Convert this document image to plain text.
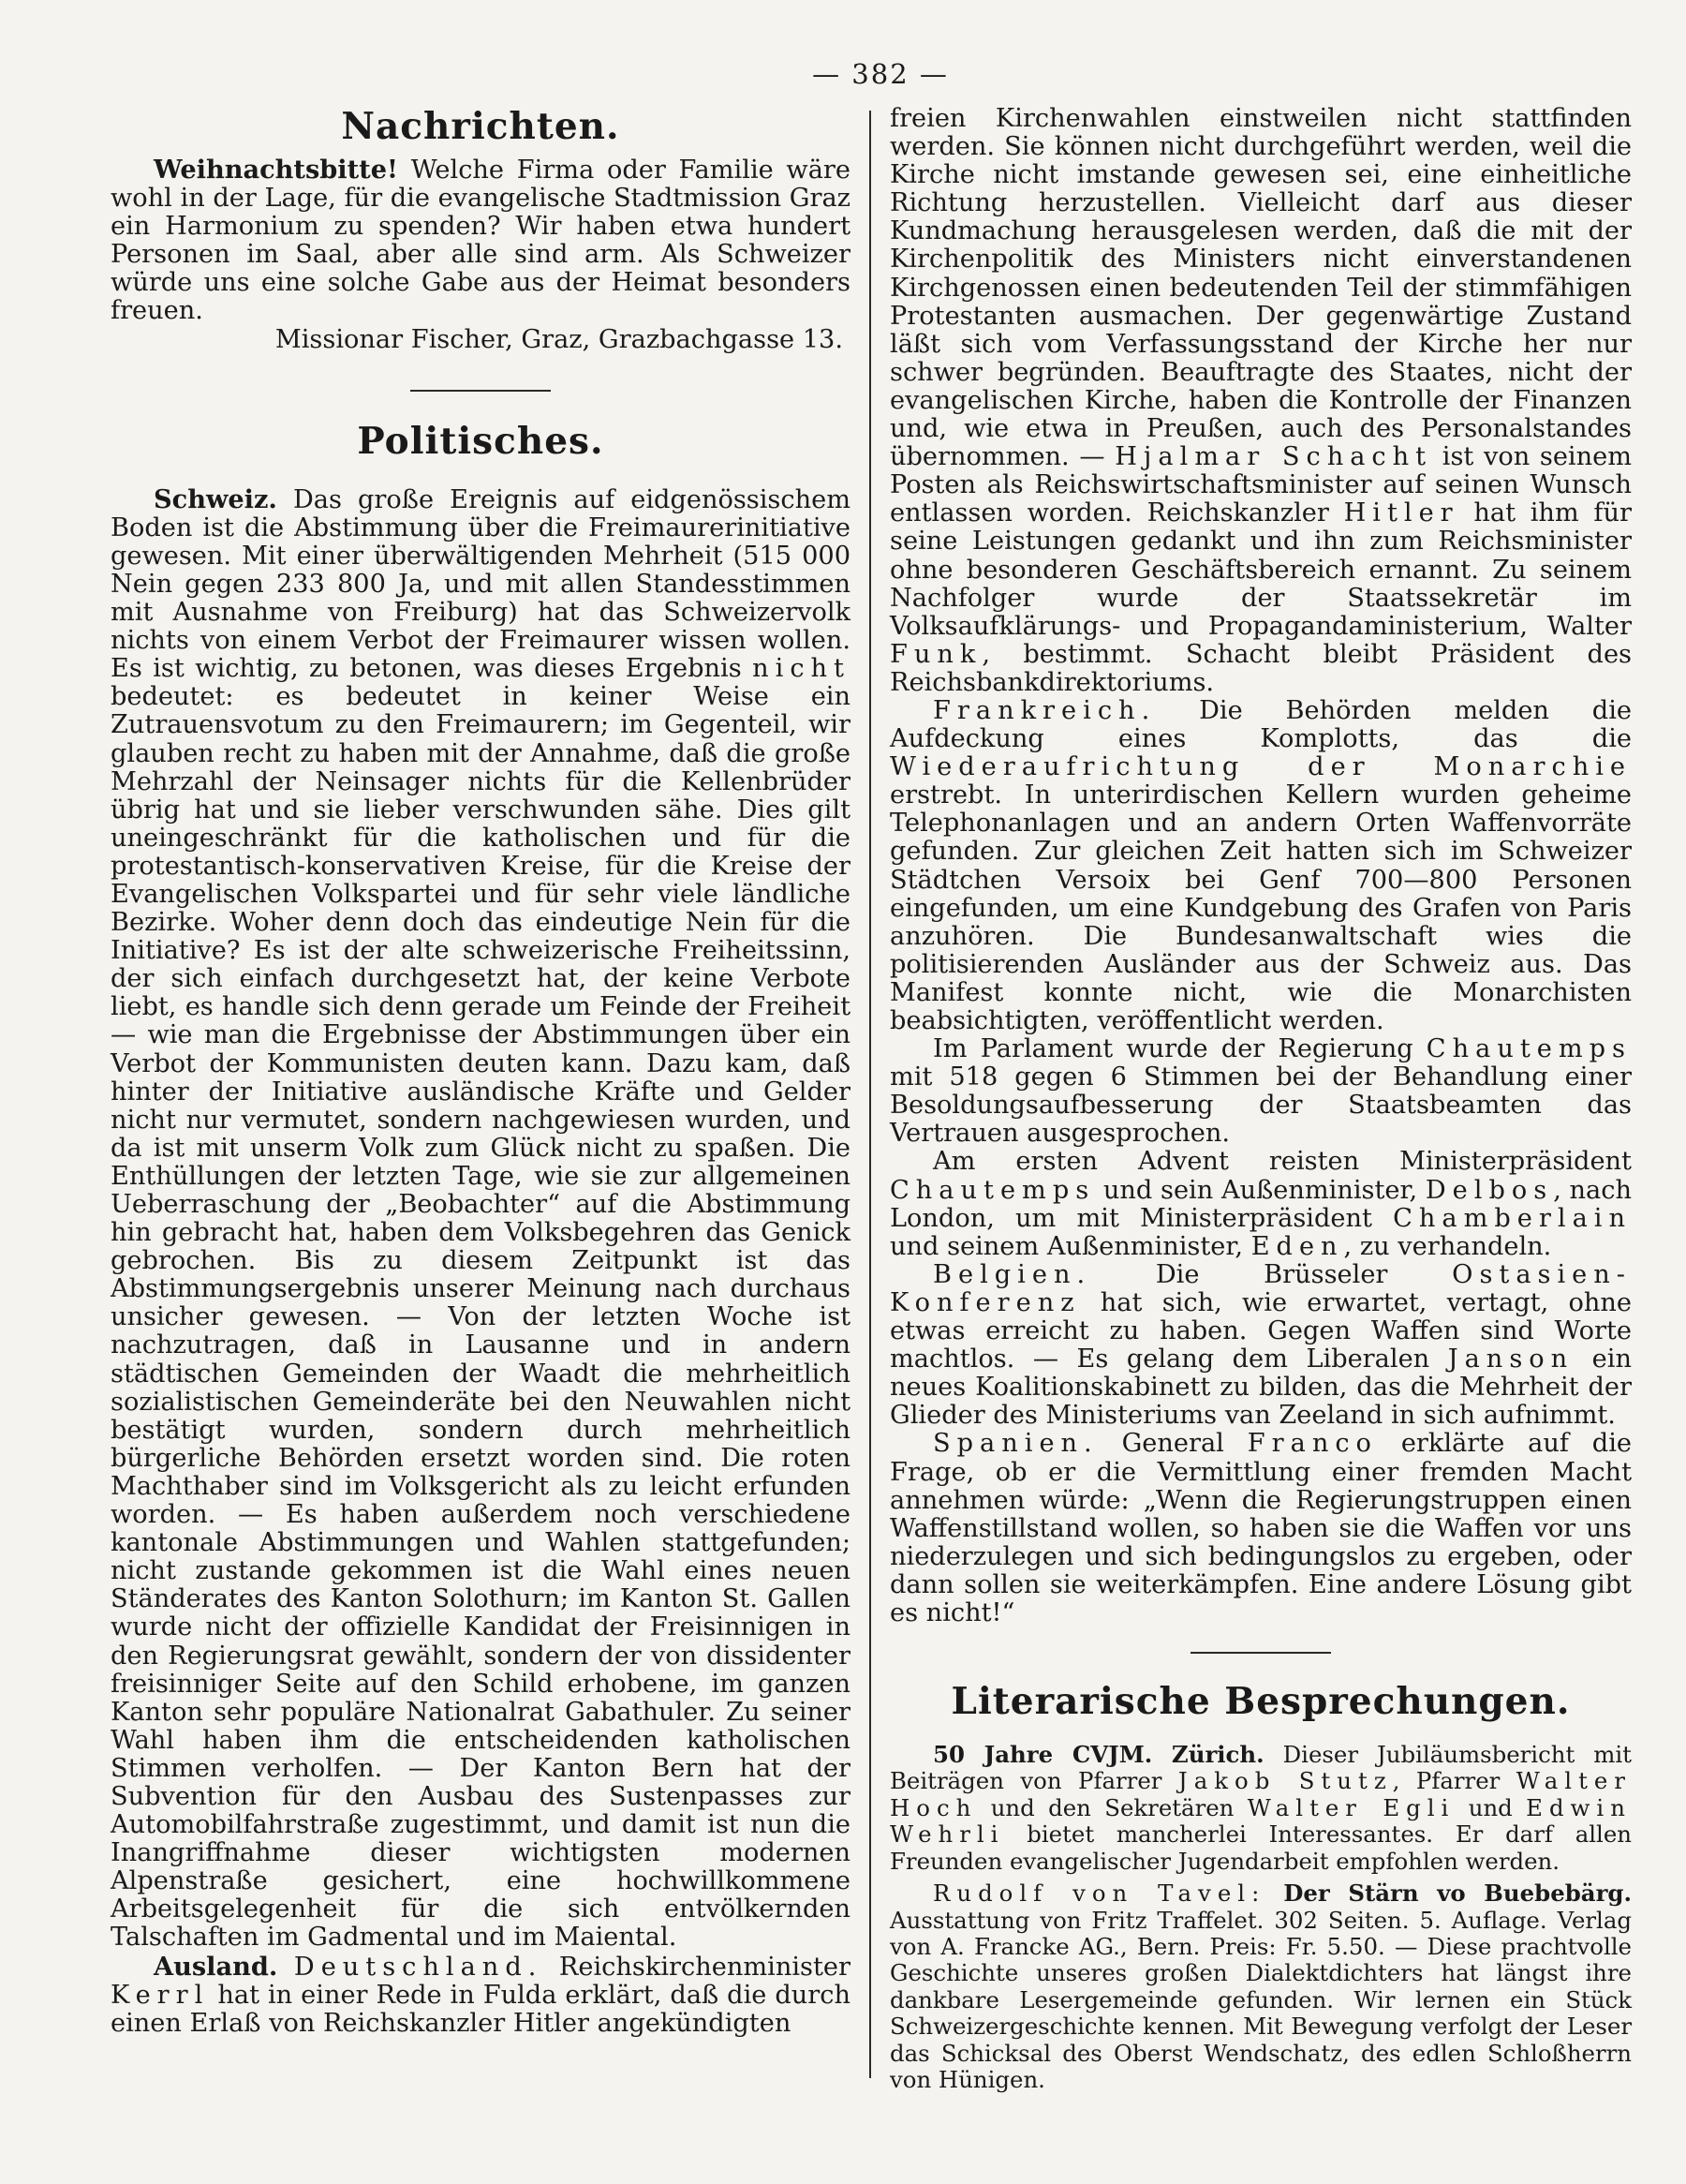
— 382 —
Nachrichten.

Weihnachtsbitte! Welche Firma oder Familie wäre wohl in der Lage, für die evangelische Stadtmission Graz ein Harmonium zu spenden? Wir haben etwa hundert Personen im Saal, aber alle sind arm. Als Schweizer würde uns eine solche Gabe aus der Heimat besonders freuen.

Missionar Fischer, Graz, Grazbachgasse 13.

Politisches.

Schweiz. Das große Ereignis auf eidgenössischem Boden ist die Abstimmung über die Freimaurerinitiative gewesen. Mit einer überwältigenden Mehrheit (515 000 Nein gegen 233 800 Ja, und mit allen Standesstimmen mit Ausnahme von Freiburg) hat das Schweizervolk nichts von einem Verbot der Freimaurer wissen wollen. Es ist wichtig, zu betonen, was dieses Ergebnis nicht bedeutet: es bedeutet in keiner Weise ein Zutrauensvotum zu den Freimaurern; im Gegenteil, wir glauben recht zu haben mit der Annahme, daß die große Mehrzahl der Neinsager nichts für die Kellenbrüder übrig hat und sie lieber verschwunden sähe. Dies gilt uneingeschränkt für die katholischen und für die protestantisch-konservativen Kreise, für die Kreise der Evangelischen Volkspartei und für sehr viele ländliche Bezirke. Woher denn doch das eindeutige Nein für die Initiative? Es ist der alte schweizerische Freiheitssinn, der sich einfach durchgesetzt hat, der keine Verbote liebt, es handle sich denn gerade um Feinde der Freiheit — wie man die Ergebnisse der Abstimmungen über ein Verbot der Kommunisten deuten kann. Dazu kam, daß hinter der Initiative ausländische Kräfte und Gelder nicht nur vermutet, sondern nachgewiesen wurden, und da ist mit unserm Volk zum Glück nicht zu spaßen. Die Enthüllungen der letzten Tage, wie sie zur allgemeinen Ueberraschung der „Beobachter“ auf die Abstimmung hin gebracht hat, haben dem Volksbegehren das Genick gebrochen. Bis zu diesem Zeitpunkt ist das Abstimmungsergebnis unserer Meinung nach durchaus unsicher gewesen. — Von der letzten Woche ist nachzutragen, daß in Lausanne und in andern städtischen Gemeinden der Waadt die mehrheitlich sozialistischen Gemeinderäte bei den Neuwahlen nicht bestätigt wurden, sondern durch mehrheitlich bürgerliche Behörden ersetzt worden sind. Die roten Machthaber sind im Volksgericht als zu leicht erfunden worden. — Es haben außerdem noch verschiedene kantonale Abstimmungen und Wahlen stattgefunden; nicht zustande gekommen ist die Wahl eines neuen Ständerates des Kanton Solothurn; im Kanton St. Gallen wurde nicht der offizielle Kandidat der Freisinnigen in den Regierungsrat gewählt, sondern der von dissidenter freisinniger Seite auf den Schild erhobene, im ganzen Kanton sehr populäre Nationalrat Gabathuler. Zu seiner Wahl haben ihm die entscheidenden katholischen Stimmen verholfen. — Der Kanton Bern hat der Subvention für den Ausbau des Sustenpasses zur Automobilfahrstraße zugestimmt, und damit ist nun die Inangriffnahme dieser wichtigsten modernen Alpenstraße gesichert, eine hochwillkommene Arbeitsgelegenheit für die sich entvölkernden Talschaften im Gadmental und im Maiental.

Ausland. Deutschland. Reichskirchenminister Kerrl hat in einer Rede in Fulda erklärt, daß die durch einen Erlaß von Reichskanzler Hitler angekündigten

freien Kirchenwahlen einstweilen nicht stattfinden werden. Sie können nicht durchgeführt werden, weil die Kirche nicht imstande gewesen sei, eine einheitliche Richtung herzustellen. Vielleicht darf aus dieser Kundmachung herausgelesen werden, daß die mit der Kirchenpolitik des Ministers nicht einverstandenen Kirchgenossen einen bedeutenden Teil der stimmfähigen Protestanten ausmachen. Der gegenwärtige Zustand läßt sich vom Verfassungsstand der Kirche her nur schwer begründen. Beauftragte des Staates, nicht der evangelischen Kirche, haben die Kontrolle der Finanzen und, wie etwa in Preußen, auch des Personalstandes übernommen. — Hjalmar Schacht ist von seinem Posten als Reichswirtschaftsminister auf seinen Wunsch entlassen worden. Reichskanzler Hitler hat ihm für seine Leistungen gedankt und ihn zum Reichsminister ohne besonderen Geschäftsbereich ernannt. Zu seinem Nachfolger wurde der Staatssekretär im Volksaufklärungs- und Propagandaministerium, Walter Funk, bestimmt. Schacht bleibt Präsident des Reichsbankdirektoriums.

Frankreich. Die Behörden melden die Aufdeckung eines Komplotts, das die Wiederaufrichtung der Monarchie erstrebt. In unterirdischen Kellern wurden geheime Telephonanlagen und an andern Orten Waffenvorräte gefunden. Zur gleichen Zeit hatten sich im Schweizer Städtchen Versoix bei Genf 700—800 Personen eingefunden, um eine Kundgebung des Grafen von Paris anzuhören. Die Bundesanwaltschaft wies die politisierenden Ausländer aus der Schweiz aus. Das Manifest konnte nicht, wie die Monarchisten beabsichtigten, veröffentlicht werden.

Im Parlament wurde der Regierung Chautemps mit 518 gegen 6 Stimmen bei der Behandlung einer Besoldungsaufbesserung der Staatsbeamten das Vertrauen ausgesprochen.

Am ersten Advent reisten Ministerpräsident Chautemps und sein Außenminister, Delbos, nach London, um mit Ministerpräsident Chamberlain und seinem Außenminister, Eden, zu verhandeln.

Belgien.	Die Brüsseler	Ostasien-Konferenz hat sich, wie erwartet, vertagt, ohne etwas erreicht zu haben. Gegen Waffen sind Worte machtlos. — Es gelang dem Liberalen Janson ein neues Koalitionskabinett zu bilden, das die Mehrheit der Glieder des Ministeriums van Zeeland in sich aufnimmt.

Spanien. General Franco erklärte auf die Frage, ob er die Vermittlung einer fremden Macht annehmen würde: „Wenn die Regierungstruppen einen Waffenstillstand wollen, so haben sie die Waffen vor uns niederzulegen und sich bedingungslos zu ergeben, oder dann sollen sie weiterkämpfen. Eine andere Lösung gibt es nicht!“

Literarische Besprechungen.

50 Jahre CVJM. Zürich. Dieser Jubiläumsbericht mit Beiträgen von Pfarrer Jakob Stutz, Pfarrer Walter Hoch und den Sekretären Walter Egli und Edwin Wehrli bietet mancherlei Interessantes. Er darf allen Freunden evangelischer Jugendarbeit empfohlen werden.

Rudolf von Tavel: Der Stärn vo Buebebärg. Ausstattung von Fritz Traffelet. 302 Seiten. 5. Auflage. Verlag von A. Francke AG., Bern. Preis: Fr. 5.50. — Diese prachtvolle Geschichte unseres großen Dialektdichters hat längst ihre dankbare Lesergemeinde gefunden. Wir lernen ein Stück Schweizergeschichte kennen. Mit Bewegung verfolgt der Leser das Schicksal des Oberst Wendschatz, des edlen Schloßherrn von Hünigen.
